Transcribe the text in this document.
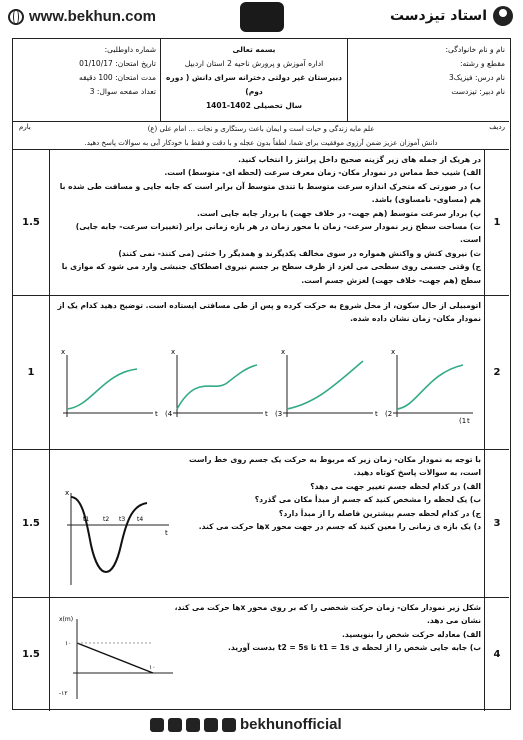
www.bekhun.com	استاد تیزدست
شماره داوطلبی:
تاریخ امتحان: 01/10/17
مدت امتحان: 100 دقیقه
تعداد صفحه سوال: 3
بسمه تعالی
اداره آموزش و پرورش ناحیه 2 استان اردبیل
دبیرستان غیر دولتی دخترانه سرای دانش ( دوره دوم)
سال تحصیلی 1402-1401
نام و نام خانوادگی:
مقطع و رشته:
نام درس: فیزیک3
نام دبیر: تیزدست
بارم	ردیف
علم مایه زندگی و حیات است و ایمان باعث رستگاری و نجات ... امام علی (ع)
دانش آموزان عزیز ضمن آرزوی موفقیت برای شما، لطفاً بدون عجله و با دقت و فقط با خودکار آبی به سوالات پاسخ دهید.
1.5	1

در هریک از جمله های زیر گزینه صحیح داخل پرانتز را انتخاب کنید.

الف) شیب خط مماس در نمودار مکان- زمان معرف سرعت (لحظه ای- متوسط) است.

ب) در صورتی که متحرک اندازه سرعت متوسط با تندی متوسط آن برابر است که جابه جایی و مسافت طی شده با هم (مساوی- نامساوی) باشد.

پ) بردار سرعت متوسط (هم جهت- در خلاف جهت) با بردار جابه جایی است.

ت) مساحت سطح زیر نمودار سرعت- زمان با محور زمان در هر بازه زمانی برابر (تغییرات سرعت- جابه جایی) است.

ث) نیروی کنش و واکنش همواره در سوی مخالف یکدیگرند و همدیگر را خنثی (می کنند- نمی کنند)

ج) وقتی جسمی روی سطحی می لغزد از طرف سطح بر جسم نیروی اصطکاک جنبشی وارد می شود که موازی با سطح (هم جهت- خلاف جهت) لغزش جسم است.

1	2

اتومبیلی از حال سکون، از محل شروع به حرکت کرده و پس از طی مسافتی ایستاده است. توضیح دهید کدام یک از نمودار مکان- زمان نشان داده شده.

t
x
(4	t
x
(3	t
x
(2
t
x
(1
1.5	3

با توجه به نمودار مکان- زمان زیر که مربوط به حرکت یک جسم روی خط راست است، به سوالات پاسخ کوتاه دهید.

الف) در کدام لحظه جسم تغییر جهت می دهد؟

ب) یک لحظه را مشخص کنید که جسم از مبدأ مکان می گذرد؟

ج) در کدام لحظه جسم بیشترین فاصله را از مبدأ دارد؟

د) یک بازه ی زمانی را معین کنید که جسم در جهت محور xها حرکت می کند.

x
t
t1 t2 t3 t4
1.5	4

شکل زیر نمودار مکان- زمان حرکت شخصی را که بر روی محور xها حرکت می کند، نشان می دهد.

الف) معادله حرکت شخص را بنویسید.

ب) جابه جایی شخص را از لحظه ی t1 = 1s تا t2 = 5s بدست آورید.

x(m)
۱۰
-۱۲
۱۰
bekhunofficial
